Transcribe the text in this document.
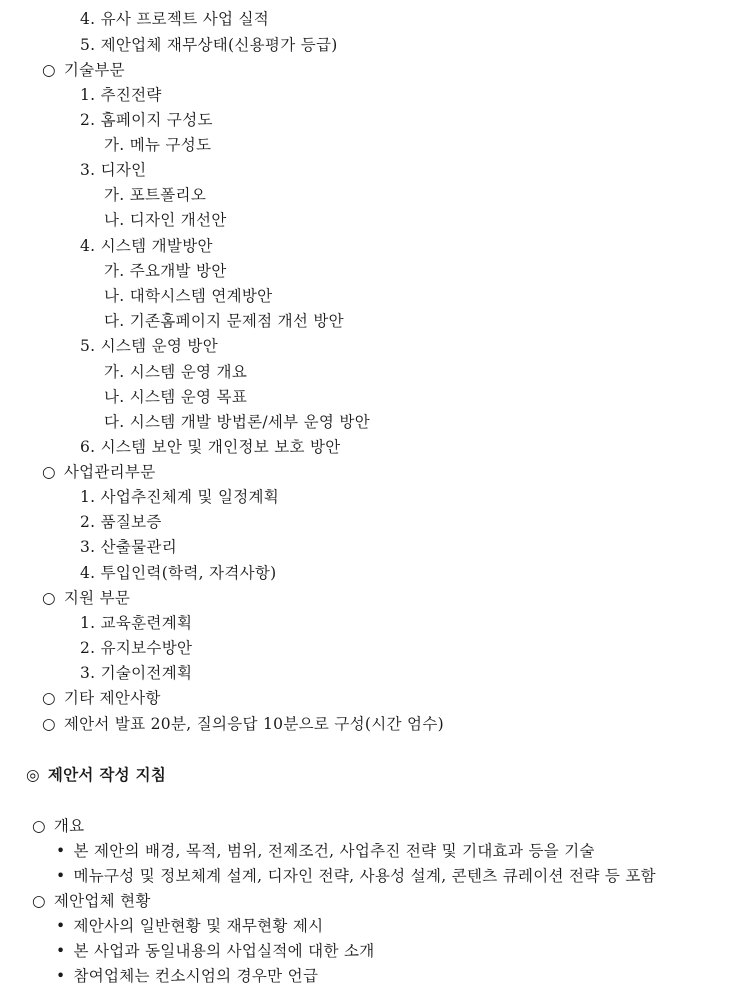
4. 유사 프로젝트 사업 실적
5. 제안업체 재무상태(신용평가 등급)
○ 기술부문
1. 추진전략
2. 홈페이지 구성도
가. 메뉴 구성도
3. 디자인
가. 포트폴리오
나. 디자인 개선안
4. 시스템 개발방안
가. 주요개발 방안
나. 대학시스템 연계방안
다. 기존홈페이지 문제점 개선 방안
5. 시스템 운영 방안
가. 시스템 운영 개요
나. 시스템 운영 목표
다. 시스템 개발 방법론/세부 운영 방안
6. 시스템 보안 및 개인정보 보호 방안
○ 사업관리부문
1. 사업추진체계 및 일정계획
2. 품질보증
3. 산출물관리
4. 투입인력(학력, 자격사항)
○ 지원 부문
1. 교육훈련계획
2. 유지보수방안
3. 기술이전계획
○ 기타 제안사항
○ 제안서 발표 20분, 질의응답 10분으로 구성(시간 엄수)
◎ 제안서 작성 지침
○ 개요
• 본 제안의 배경, 목적, 범위, 전제조건, 사업추진 전략 및 기대효과 등을 기술
• 메뉴구성 및 정보체계 설계, 디자인 전략, 사용성 설계, 콘텐츠 큐레이션 전략 등 포함
○ 제안업체 현황
• 제안사의 일반현황 및 재무현황 제시
• 본 사업과 동일내용의 사업실적에 대한 소개
• 참여업체는 컨소시엄의 경우만 언급
